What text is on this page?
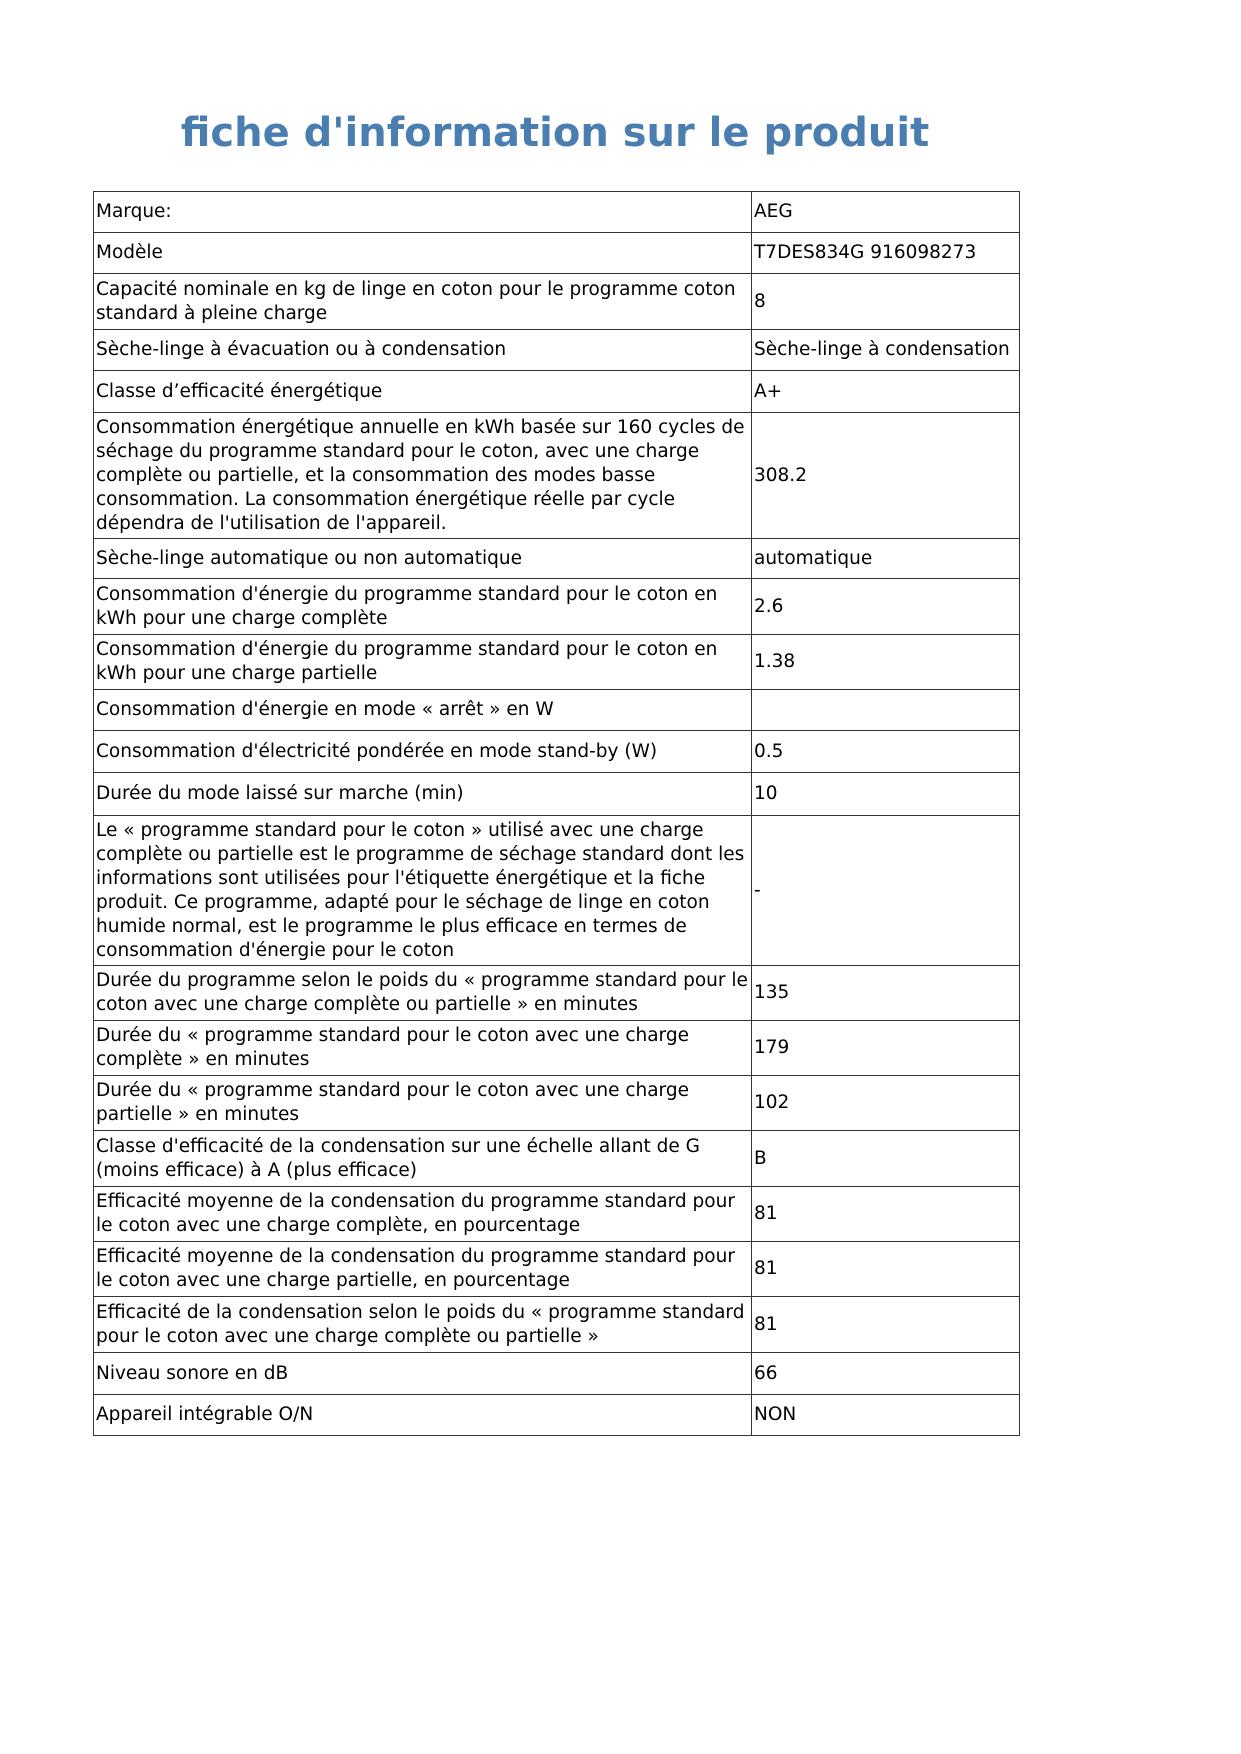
fiche d'information sur le produit
Marque:	AEG
Modèle	T7DES834G 916098273
Capacité nominale en kg de linge en coton pour le programme coton standard à pleine charge	8
Sèche-linge à évacuation ou à condensation	Sèche-linge à condensation
Classe d’efficacité énergétique	A+
Consommation énergétique annuelle en kWh basée sur 160 cycles de séchage du programme standard pour le coton, avec une charge complète ou partielle, et la consommation des modes basse consommation. La consommation énergétique réelle par cycle dépendra de l'utilisation de l'appareil.	308.2
Sèche-linge automatique ou non automatique	automatique
Consommation d'énergie du programme standard pour le coton en kWh pour une charge complète	2.6
Consommation d'énergie du programme standard pour le coton en kWh pour une charge partielle	1.38
Consommation d'énergie en mode « arrêt » en W	
Consommation d'électricité pondérée en mode stand-by (W)	0.5
Durée du mode laissé sur marche (min)	10
Le « programme standard pour le coton » utilisé avec une charge complète ou partielle est le programme de séchage standard dont les informations sont utilisées pour l'étiquette énergétique et la fiche produit. Ce programme, adapté pour le séchage de linge en coton humide normal, est le programme le plus efficace en termes de consommation d'énergie pour le coton	-
Durée du programme selon le poids du « programme standard pour le coton avec une charge complète ou partielle » en minutes	135
Durée du « programme standard pour le coton avec une charge complète » en minutes	179
Durée du « programme standard pour le coton avec une charge partielle » en minutes	102
Classe d'efficacité de la condensation sur une échelle allant de G (moins efficace) à A (plus efficace)	B
Efficacité moyenne de la condensation du programme standard pour le coton avec une charge complète, en pourcentage	81
Efficacité moyenne de la condensation du programme standard pour le coton avec une charge partielle, en pourcentage	81
Efficacité de la condensation selon le poids du « programme standard pour le coton avec une charge complète ou partielle »	81
Niveau sonore en dB	66
Appareil intégrable O/N	NON
